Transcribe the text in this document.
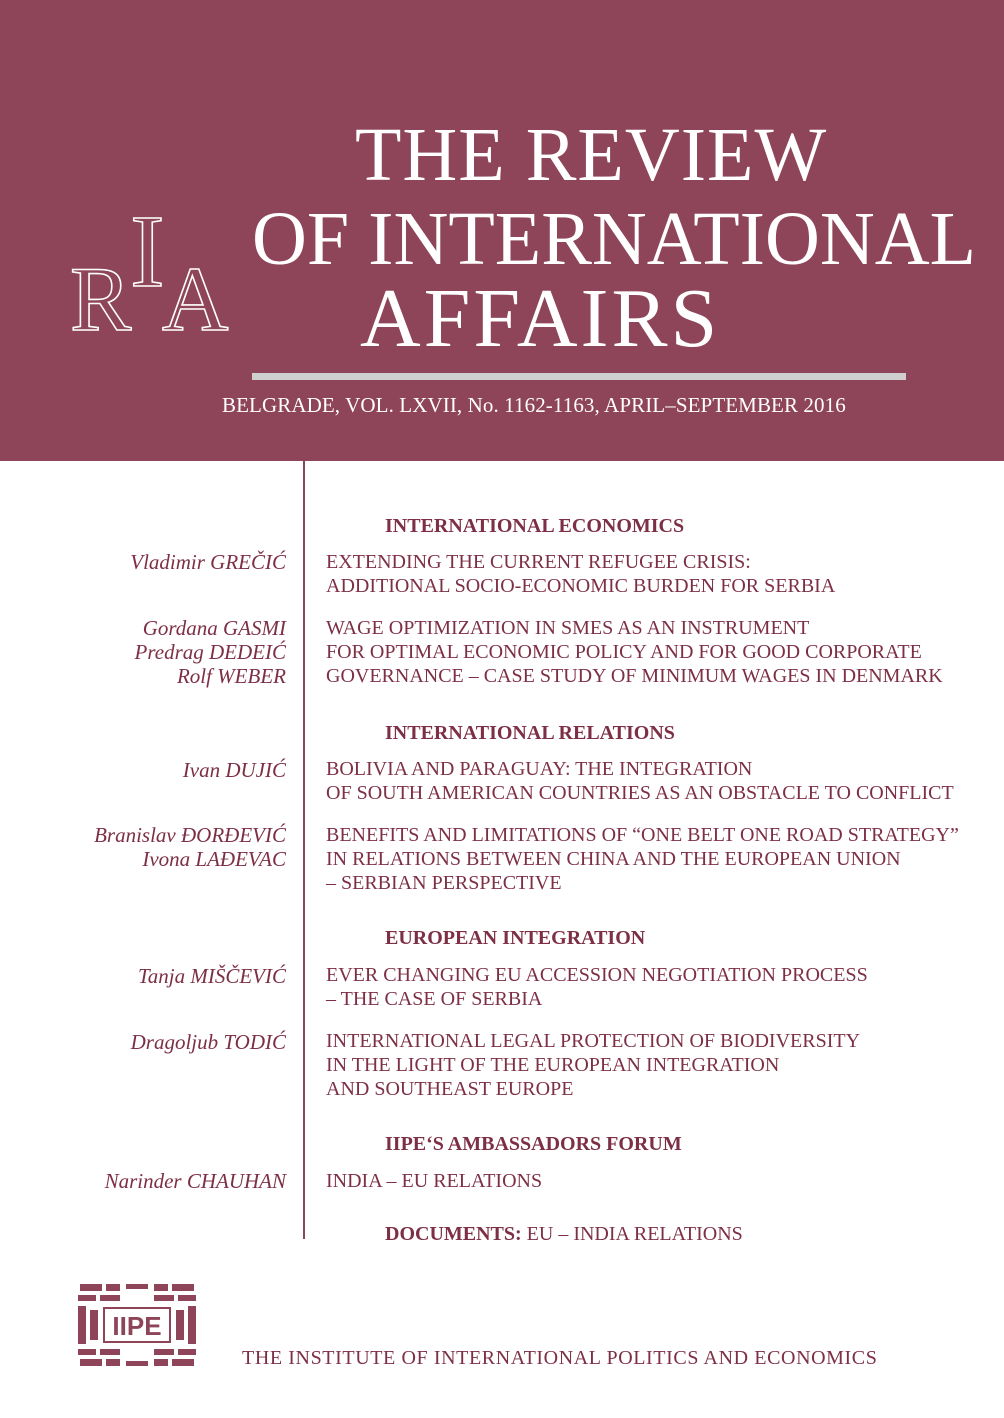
R
I
A
THE REVIEW
OF INTERNATIONAL
AFFAIRS
BELGRADE, VOL. LXVII, No. 1162-1163, APRIL–SEPTEMBER 2016
INTERNATIONAL ECONOMICS
Vladimir GREČIĆ EXTENDING THE CURRENT REFUGEE CRISIS:
ADDITIONAL SOCIO-ECONOMIC BURDEN FOR SERBIA
Gordana GASMI
Predrag DEDEIĆ
Rolf WEBER
WAGE OPTIMIZATION IN SMES AS AN INSTRUMENT
FOR OPTIMAL ECONOMIC POLICY AND FOR GOOD CORPORATE
GOVERNANCE – CASE STUDY OF MINIMUM WAGES IN DENMARK
INTERNATIONAL RELATIONS
Ivan DUJIĆ BOLIVIA AND PARAGUAY: THE INTEGRATION
OF SOUTH AMERICAN COUNTRIES AS AN OBSTACLE TO CONFLICT
Branislav ĐORĐEVIĆ
Ivona LAĐEVAC
BENEFITS AND LIMITATIONS OF “ONE BELT ONE ROAD STRATEGY”
IN RELATIONS BETWEEN CHINA AND THE EUROPEAN UNION
– SERBIAN PERSPECTIVE
EUROPEAN INTEGRATION
Tanja MIŠČEVIĆ EVER CHANGING EU ACCESSION NEGOTIATION PROCESS
– THE CASE OF SERBIA
Dragoljub TODIĆ INTERNATIONAL LEGAL PROTECTION OF BIODIVERSITY
IN THE LIGHT OF THE EUROPEAN INTEGRATION
AND SOUTHEAST EUROPE
IIPE‘S AMBASSADORS FORUM
Narinder CHAUHAN INDIA – EU RELATIONS
DOCUMENTS: EU – INDIA RELATIONS
IIPE
THE INSTITUTE OF INTERNATIONAL POLITICS AND ECONOMICS
